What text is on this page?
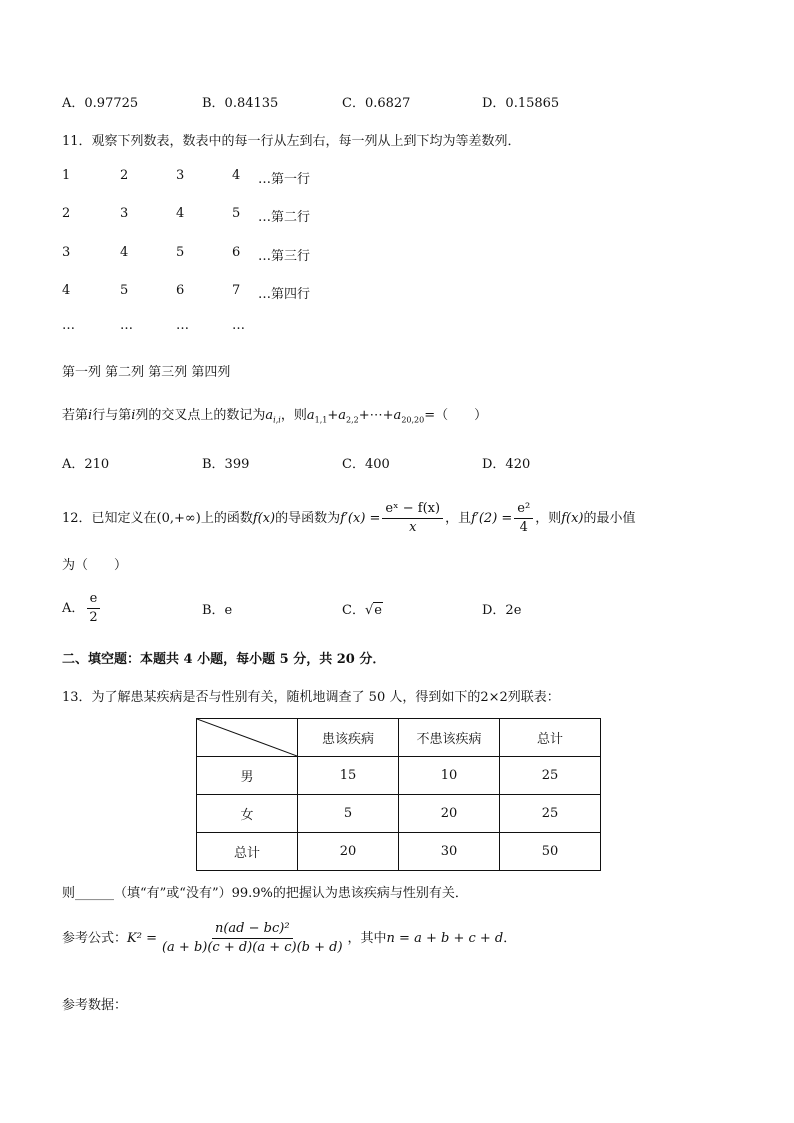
A．0.97725	B．0.84135	C．0.6827	D．0.15865
11．观察下列数表，数表中的每一行从左到右，每一列从上到下均为等差数列．
1	2	3	4 …第一行
2	3	4	5 …第二行
3	4	5	6 …第三行
4	5	6	7 …第四行
…	…	…	…
第一列 第二列 第三列 第四列
若第i行与第i列的交叉点上的数记为$a_{i,i}$，则$a_{1,1}+a_{2,2}+\cdots+a_{20,20}=$（　　）
A．210	B．399	C．400	D．420
12．已知定义在(0,+∞)上的函数f(x)的导函数为$f'(x) = \frac{\text{eˣ − f(x)}}{x}$ ，且$f'(2) = \frac{\text{e²}}{4}$ ，则f(x)的最小值
为（　　）
A． $\frac{e}{2}$	B．e	C．√e	D．2e
二、填空题：本题共 4 小题，每小题 5 分，共 20 分．
13．为了解患某疾病是否与性别有关，随机地调查了 50 人，得到如下的2×2列联表：
	患该疾病	不患该疾病	总计
男	15	10	25
女	5	20	25
总计	20	30	50
则______（填“有”或“没有”）99.9%的把握认为患该疾病与性别有关．
参考公式：$K^2 = \frac{\text{n(ad − bc)²}}{(a + b)(c + d)(a + c)(b + d)}$ ，其中n = a + b + c + d．
参考数据：
